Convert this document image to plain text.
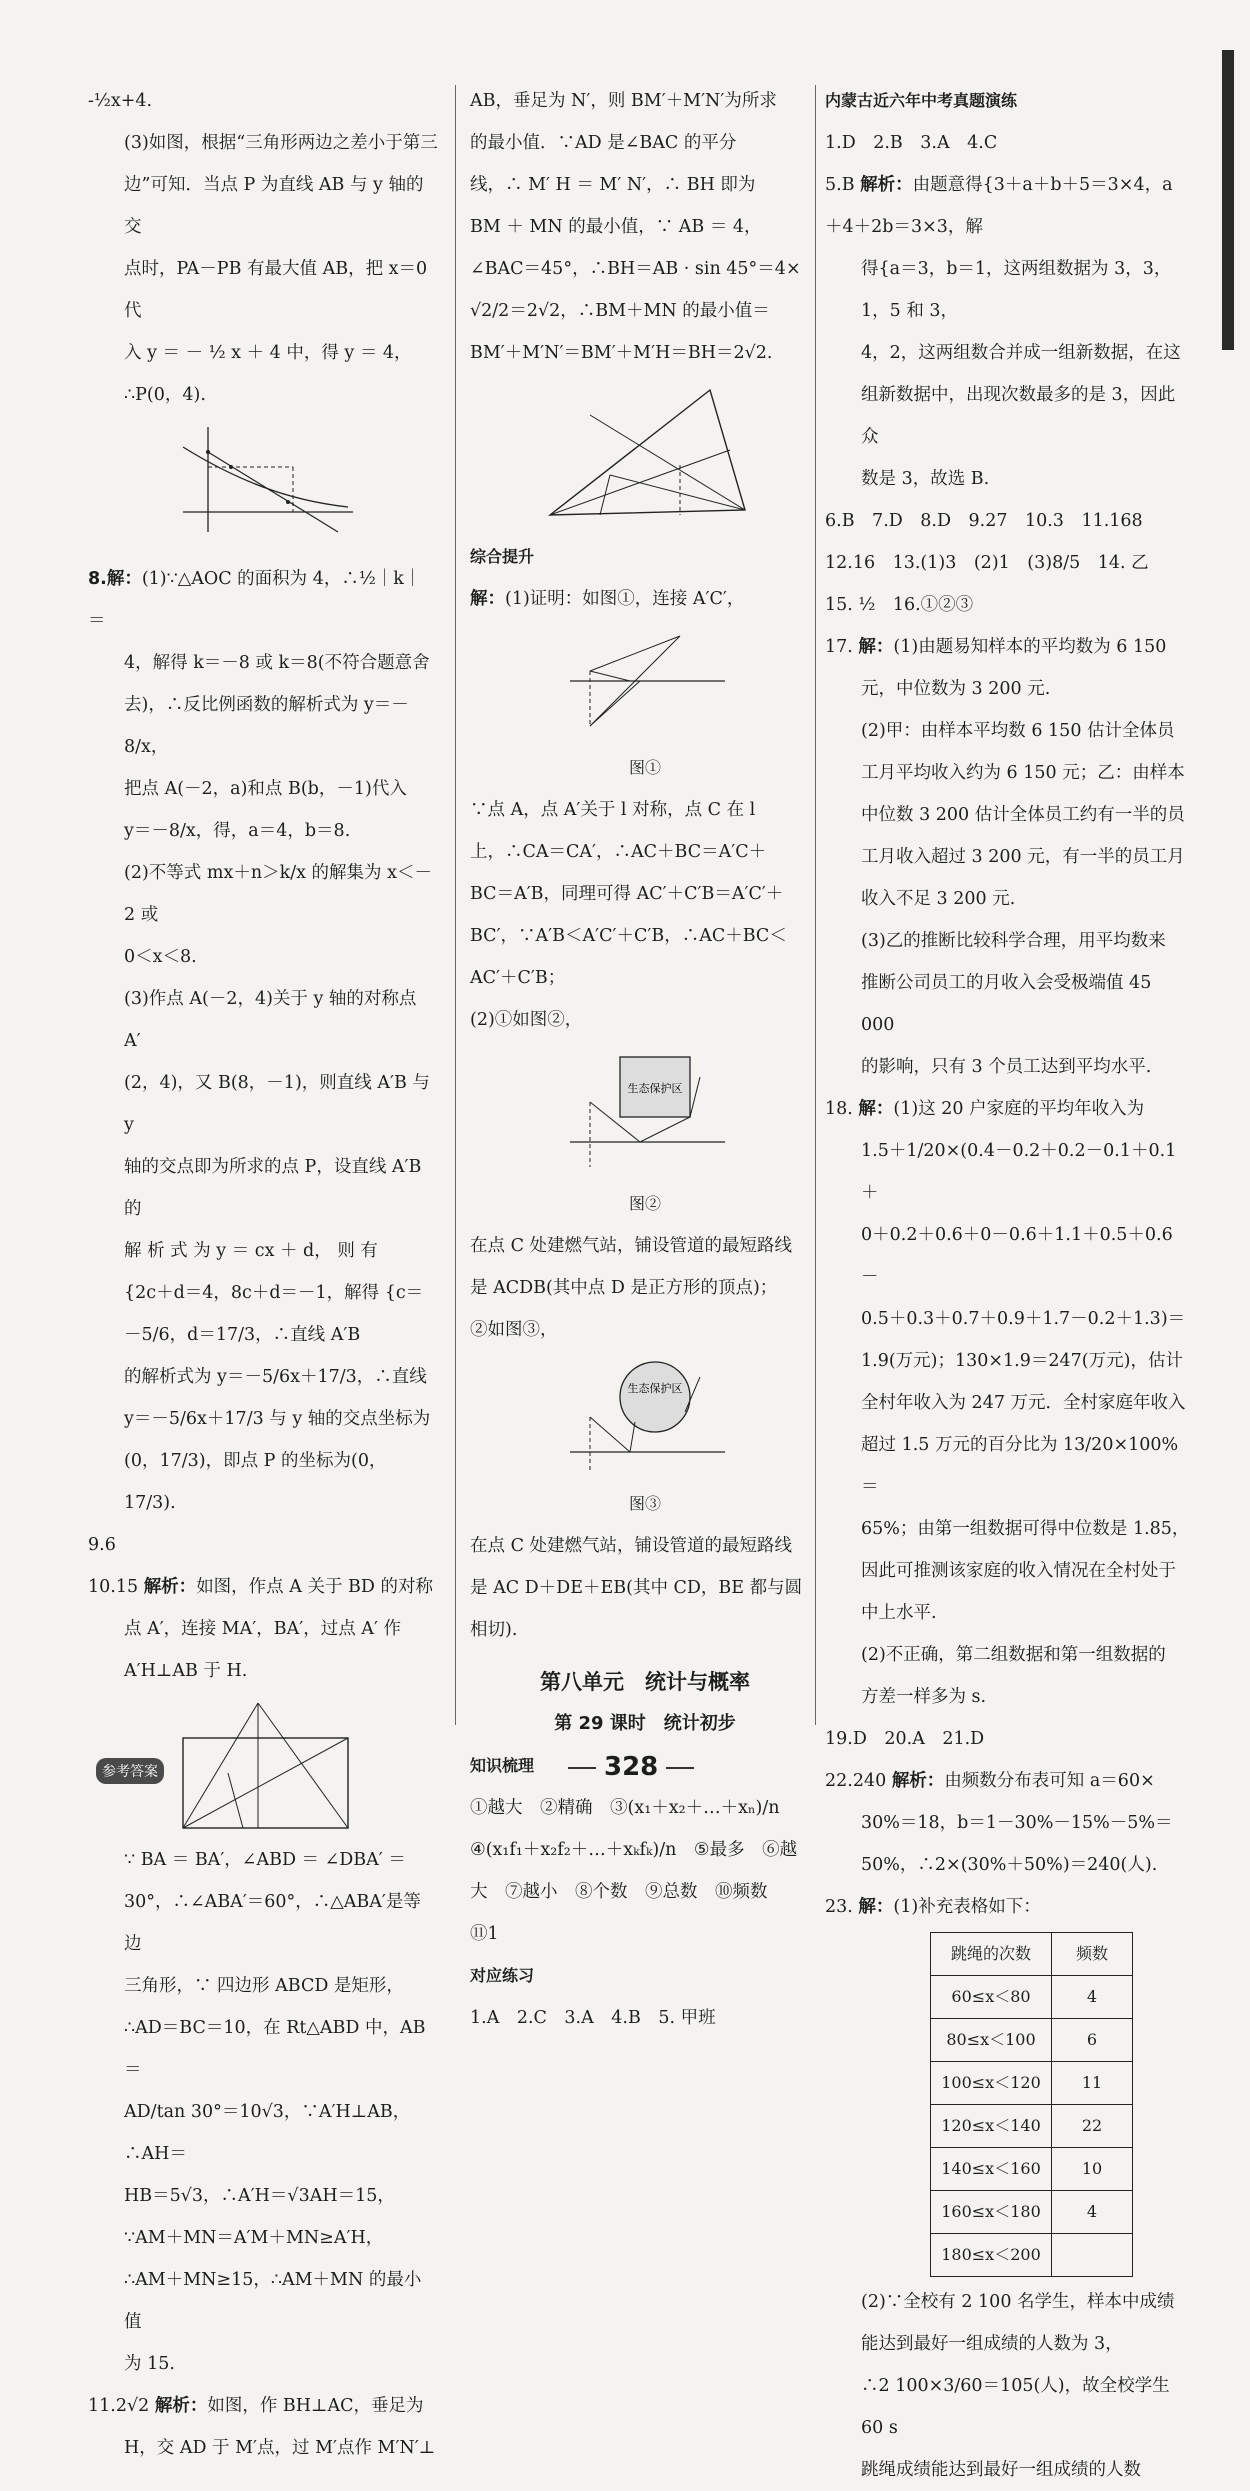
-½x+4.

(3)如图，根据“三角形两边之差小于第三

边”可知．当点 P 为直线 AB 与 y 轴的交

点时，PA－PB 有最大值 AB，把 x＝0 代

入 y ＝ － ½ x ＋ 4 中，得 y ＝ 4，

∴P(0，4).

8.解：(1)∵△AOC 的面积为 4，∴½｜k｜＝

4，解得 k＝－8 或 k＝8(不符合题意舍

去)，∴反比例函数的解析式为 y＝－8/x，

把点 A(－2，a)和点 B(b，－1)代入

y＝－8/x，得，a＝4，b＝8.

(2)不等式 mx＋n＞k/x 的解集为 x＜－2 或

0＜x＜8.

(3)作点 A(－2，4)关于 y 轴的对称点 A′

(2，4)，又 B(8，－1)，则直线 A′B 与 y

轴的交点即为所求的点 P，设直线 A′B 的

解 析 式 为 y ＝ cx ＋ d， 则 有

{2c＋d＝4，8c＋d＝－1，解得 {c＝－5/6，d＝17/3，∴直线 A′B

的解析式为 y＝－5/6x＋17/3，∴直线

y＝－5/6x＋17/3 与 y 轴的交点坐标为

(0，17/3)，即点 P 的坐标为(0，17/3).

9.6

10.15 解析：如图，作点 A 关于 BD 的对称

点 A′，连接 MA′，BA′，过点 A′ 作

A′H⊥AB 于 H.

∵ BA ＝ BA′，∠ABD ＝ ∠DBA′ ＝

30°，∴∠ABA′＝60°，∴△ABA′是等边

三角形，∵ 四边形 ABCD 是矩形，

∴AD＝BC＝10，在 Rt△ABD 中，AB＝

AD/tan 30°＝10√3，∵A′H⊥AB，∴AH＝

HB＝5√3，∴A′H＝√3AH＝15，

∵AM＋MN＝A′M＋MN≥A′H，

∴AM＋MN≥15，∴AM＋MN 的最小值

为 15.

11.2√2 解析：如图，作 BH⊥AC，垂足为

H，交 AD 于 M′点，过 M′点作 M′N′⊥

AB，垂足为 N′，则 BM′＋M′N′为所求

的最小值．∵AD 是∠BAC 的平分

线，∴ M′ H ＝ M′ N′，∴ BH 即为

BM ＋ MN 的最小值，∵ AB ＝ 4，

∠BAC＝45°，∴BH＝AB · sin 45°＝4×

√2/2＝2√2，∴BM＋MN 的最小值＝

BM′＋M′N′＝BM′＋M′H＝BH＝2√2.

综合提升

解：(1)证明：如图①，连接 A′C′，

图①

∵点 A，点 A′关于 l 对称，点 C 在 l

上，∴CA＝CA′，∴AC＋BC＝A′C＋

BC＝A′B，同理可得 AC′＋C′B＝A′C′＋

BC′，∵A′B＜A′C′＋C′B，∴AC＋BC＜

AC′＋C′B；

(2)①如图②，

生态保护区

图②

在点 C 处建燃气站，铺设管道的最短路线

是 ACDB(其中点 D 是正方形的顶点)；

②如图③，

生态保护区

图③

在点 C 处建燃气站，铺设管道的最短路线

是 AC D＋DE＋EB(其中 CD，BE 都与圆

相切).

第八单元　统计与概率

第 29 课时　统计初步

知识梳理

①越大　②精确　③(x₁＋x₂＋…＋xₙ)/n

④(x₁f₁＋x₂f₂＋…＋xₖfₖ)/n　⑤最多　⑥越

大　⑦越小　⑧个数　⑨总数　⑩频数

⑪1

对应练习

1.A　2.C　3.A　4.B　5. 甲班

内蒙古近六年中考真题演练

1.D　2.B　3.A　4.C

5.B 解析：由题意得{3＋a＋b＋5＝3×4，a＋4＋2b＝3×3，解

得{a＝3，b＝1，这两组数据为 3，3，1，5 和 3，

4，2，这两组数合并成一组新数据，在这

组新数据中，出现次数最多的是 3，因此众

数是 3，故选 B.

6.B　7.D　8.D　9.27　10.3　11.168

12.16　13.(1)3　(2)1　(3)8/5　14. 乙

15. ½　16.①②③

17. 解：(1)由题易知样本的平均数为 6 150

元，中位数为 3 200 元.

(2)甲：由样本平均数 6 150 估计全体员

工月平均收入约为 6 150 元；乙：由样本

中位数 3 200 估计全体员工约有一半的员

工月收入超过 3 200 元，有一半的员工月

收入不足 3 200 元.

(3)乙的推断比较科学合理，用平均数来

推断公司员工的月收入会受极端值 45 000

的影响，只有 3 个员工达到平均水平.

18. 解：(1)这 20 户家庭的平均年收入为

1.5＋1/20×(0.4－0.2＋0.2－0.1＋0.1＋

0＋0.2＋0.6＋0－0.6＋1.1＋0.5＋0.6－

0.5＋0.3＋0.7＋0.9＋1.7－0.2＋1.3)＝

1.9(万元)；130×1.9＝247(万元)，估计

全村年收入为 247 万元．全村家庭年收入

超过 1.5 万元的百分比为 13/20×100%＝

65%；由第一组数据可得中位数是 1.85，

因此可推测该家庭的收入情况在全村处于

中上水平.

(2)不正确，第二组数据和第一组数据的

方差一样多为 s.

19.D　20.A　21.D

22.240 解析：由频数分布表可知 a＝60×

30%＝18，b＝1－30%－15%－5%＝

50%，∴2×(30%＋50%)＝240(人).

23. 解：(1)补充表格如下：

跳绳的次数	频数
60≤x＜80	4
80≤x＜100	6
100≤x＜120	11
120≤x＜140	22
140≤x＜160	10
160≤x＜180	4
180≤x＜200	

(2)∵全校有 2 100 名学生，样本中成绩

能达到最好一组成绩的人数为 3，

∴2 100×3/60＝105(人)，故全校学生 60 s

跳绳成绩能达到最好一组成绩的人数

参考答案	328
